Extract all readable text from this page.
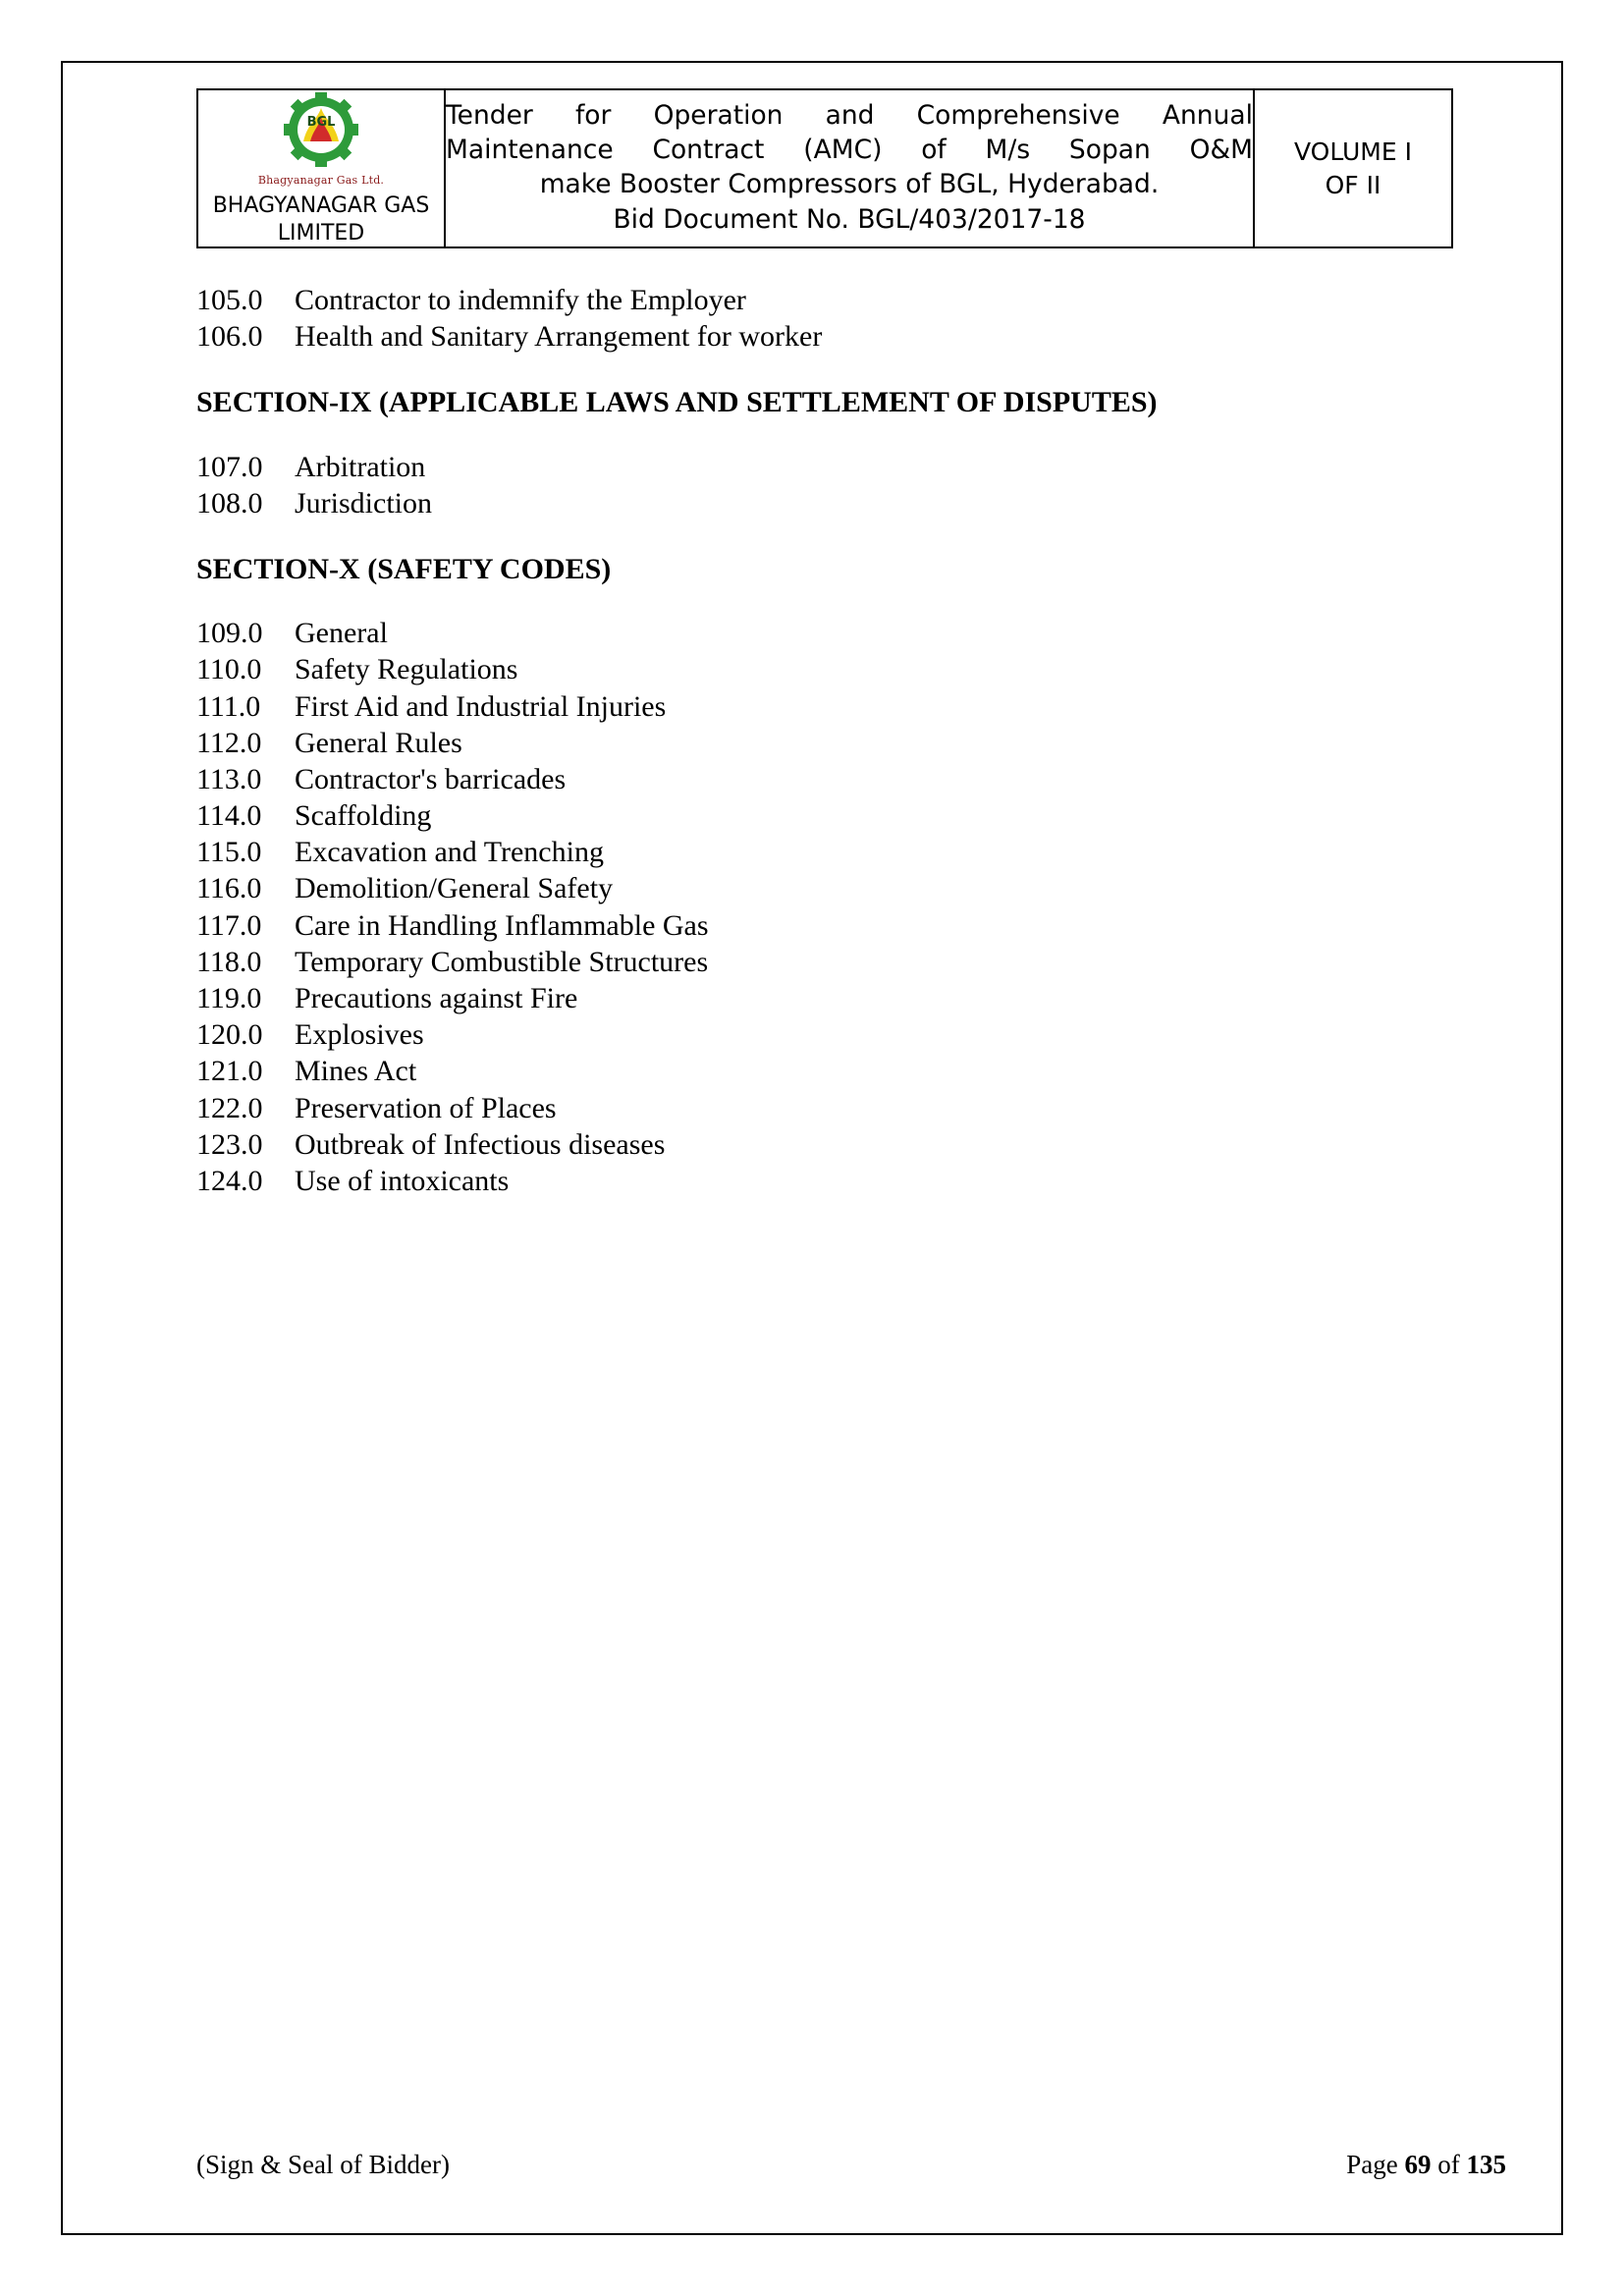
BGL
Bhagyanagar Gas Ltd.
BHAGYANAGAR GAS
LIMITED

Tender for Operation and Comprehensive Annual
Maintenance Contract (AMC) of M/s Sopan O&M
make Booster Compressors of BGL, Hyderabad.
Bid Document No. BGL/403/2017-18

VOLUME I
OF II
105.0	Contractor to indemnify the Employer
106.0	Health and Sanitary Arrangement for worker
SECTION-IX (APPLICABLE LAWS AND SETTLEMENT OF DISPUTES)
107.0	Arbitration
108.0	Jurisdiction
SECTION-X (SAFETY CODES)
109.0	General
110.0	Safety Regulations
111.0	First Aid and Industrial Injuries
112.0	General Rules
113.0	Contractor's barricades
114.0	Scaffolding
115.0	Excavation and Trenching
116.0	Demolition/General Safety
117.0	Care in Handling Inflammable Gas
118.0	Temporary Combustible Structures
119.0	Precautions against Fire
120.0	Explosives
121.0	Mines Act
122.0	Preservation of Places
123.0	Outbreak of Infectious diseases
124.0	Use of intoxicants
(Sign & Seal of Bidder)	Page 69 of 135
